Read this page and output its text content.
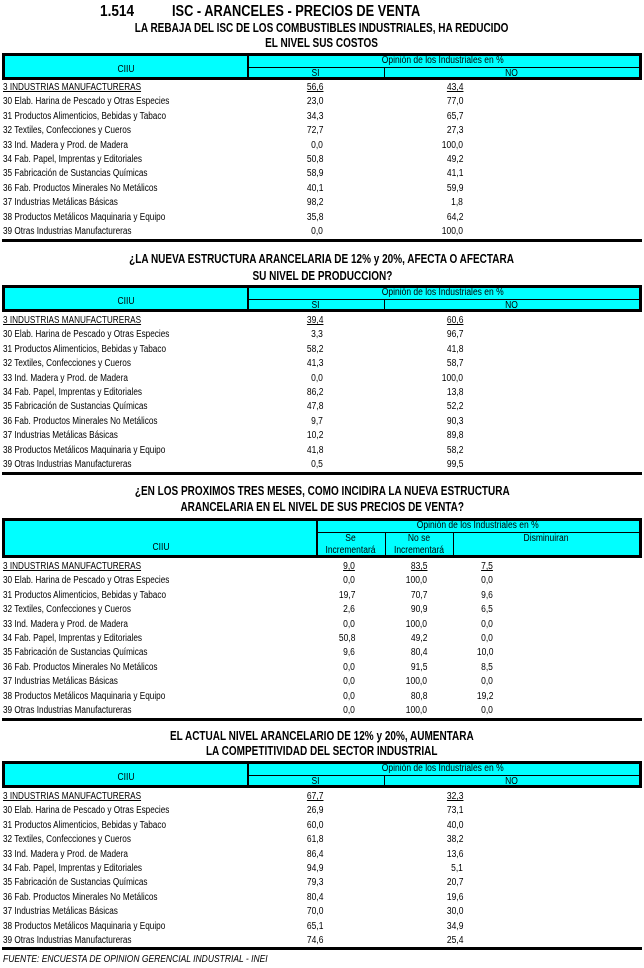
1.514 ISC - ARANCELES - PRECIOS DE VENTA
LA REBAJA DEL ISC DE LOS COMBUSTIBLES INDUSTRIALES, HA REDUCIDO
EL NIVEL SUS COSTOS
CIIU
Opinión de los Industriales en %
SI	NO
3 INDUSTRIAS MANUFACTURERAS	56,6	43,4
30 Elab. Harina de Pescado y Otras Especies	23,0	77,0
31 Productos Alimenticios, Bebidas y Tabaco	34,3	65,7
32 Textiles, Confecciones y Cueros	72,7	27,3
33 Ind. Madera y Prod. de Madera	0,0	100,0
34 Fab. Papel, Imprentas y Editoriales	50,8	49,2
35 Fabricación de Sustancias Químicas	58,9	41,1
36 Fab. Productos Minerales No Metálicos	40,1	59,9
37 Industrias Metálicas Básicas	98,2	1,8
38 Productos Metálicos Maquinaria y Equipo	35,8	64,2
39 Otras Industrias Manufactureras	0,0	100,0
¿LA NUEVA ESTRUCTURA ARANCELARIA DE 12% y 20%, AFECTA O AFECTARA
SU NIVEL DE PRODUCCION?
CIIU
Opinión de los Industriales en %
SI	NO
3 INDUSTRIAS MANUFACTURERAS	39,4	60,6
30 Elab. Harina de Pescado y Otras Especies	3,3	96,7
31 Productos Alimenticios, Bebidas y Tabaco	58,2	41,8
32 Textiles, Confecciones y Cueros	41,3	58,7
33 Ind. Madera y Prod. de Madera	0,0	100,0
34 Fab. Papel, Imprentas y Editoriales	86,2	13,8
35 Fabricación de Sustancias Químicas	47,8	52,2
36 Fab. Productos Minerales No Metálicos	9,7	90,3
37 Industrias Metálicas Básicas	10,2	89,8
38 Productos Metálicos Maquinaria y Equipo	41,8	58,2
39 Otras Industrias Manufactureras	0,5	99,5
¿EN LOS PROXIMOS TRES MESES, COMO INCIDIRA LA NUEVA ESTRUCTURA
ARANCELARIA EN EL NIVEL DE SUS PRECIOS DE VENTA?
CIIU
Opinión de los Industriales en %
Se
Incrementará
No se
Incrementará
Disminuiran
3 INDUSTRIAS MANUFACTURERAS	9,0	83,5	7,5
30 Elab. Harina de Pescado y Otras Especies	0,0	100,0	0,0
31 Productos Alimenticios, Bebidas y Tabaco	19,7	70,7	9,6
32 Textiles, Confecciones y Cueros	2,6	90,9	6,5
33 Ind. Madera y Prod. de Madera	0,0	100,0	0,0
34 Fab. Papel, Imprentas y Editoriales	50,8	49,2	0,0
35 Fabricación de Sustancias Químicas	9,6	80,4	10,0
36 Fab. Productos Minerales No Metálicos	0,0	91,5	8,5
37 Industrias Metálicas Básicas	0,0	100,0	0,0
38 Productos Metálicos Maquinaria y Equipo	0,0	80,8	19,2
39 Otras Industrias Manufactureras	0,0	100,0	0,0
EL ACTUAL NIVEL ARANCELARIO DE 12% y 20%, AUMENTARA
LA COMPETITIVIDAD DEL SECTOR INDUSTRIAL
CIIU
Opinión de los Industriales en %
SI	NO
3 INDUSTRIAS MANUFACTURERAS	67,7	32,3
30 Elab. Harina de Pescado y Otras Especies	26,9	73,1
31 Productos Alimenticios, Bebidas y Tabaco	60,0	40,0
32 Textiles, Confecciones y Cueros	61,8	38,2
33 Ind. Madera y Prod. de Madera	86,4	13,6
34 Fab. Papel, Imprentas y Editoriales	94,9	5,1
35 Fabricación de Sustancias Químicas	79,3	20,7
36 Fab. Productos Minerales No Metálicos	80,4	19,6
37 Industrias Metálicas Básicas	70,0	30,0
38 Productos Metálicos Maquinaria y Equipo	65,1	34,9
39 Otras Industrias Manufactureras	74,6	25,4
FUENTE: ENCUESTA DE OPINION GERENCIAL INDUSTRIAL - INEI
